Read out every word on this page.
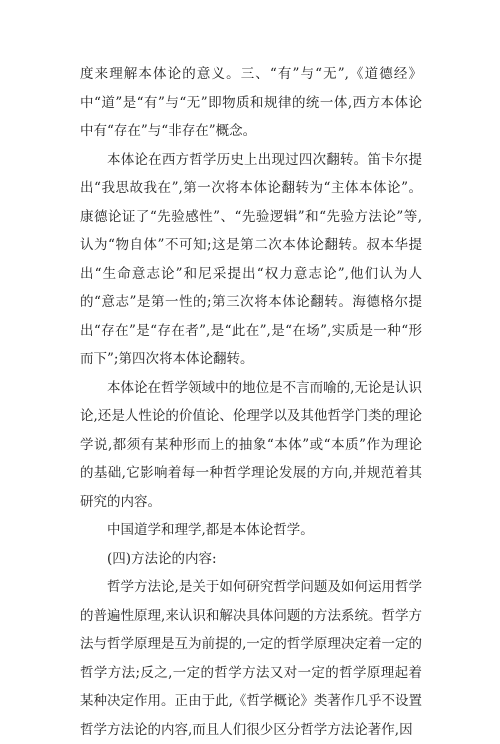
度来理解本体论的意义。三、“有”与“无”,《道德经》中“道”是“有”与“无”即物质和规律的统一体,西方本体论中有“存在”与“非存在”概念。

本体论在西方哲学历史上出现过四次翻转。笛卡尔提出“我思故我在”,第一次将本体论翻转为“主体本体论”。康德论证了“先验感性”、“先验逻辑”和“先验方法论”等,认为“物自体”不可知;这是第二次本体论翻转。叔本华提出“生命意志论”和尼采提出“权力意志论”,他们认为人的“意志”是第一性的;第三次将本体论翻转。海德格尔提出“存在”是“存在者”,是“此在”,是“在场”,实质是一种“形而下”;第四次将本体论翻转。

本体论在哲学领域中的地位是不言而喻的,无论是认识论,还是人性论的价值论、伦理学以及其他哲学门类的理论学说,都须有某种形而上的抽象“本体”或“本质”作为理论的基础,它影响着每一种哲学理论发展的方向,并规范着其研究的内容。

中国道学和理学,都是本体论哲学。

(四)方法论的内容:

哲学方法论,是关于如何研究哲学问题及如何运用哲学的普遍性原理,来认识和解决具体问题的方法系统。哲学方法与哲学原理是互为前提的,一定的哲学原理决定着一定的哲学方法;反之,一定的哲学方法又对一定的哲学原理起着某种决定作用。正由于此,《哲学概论》类著作几乎不设置哲学方法论的内容,而且人们很少区分哲学方法论著作,因
